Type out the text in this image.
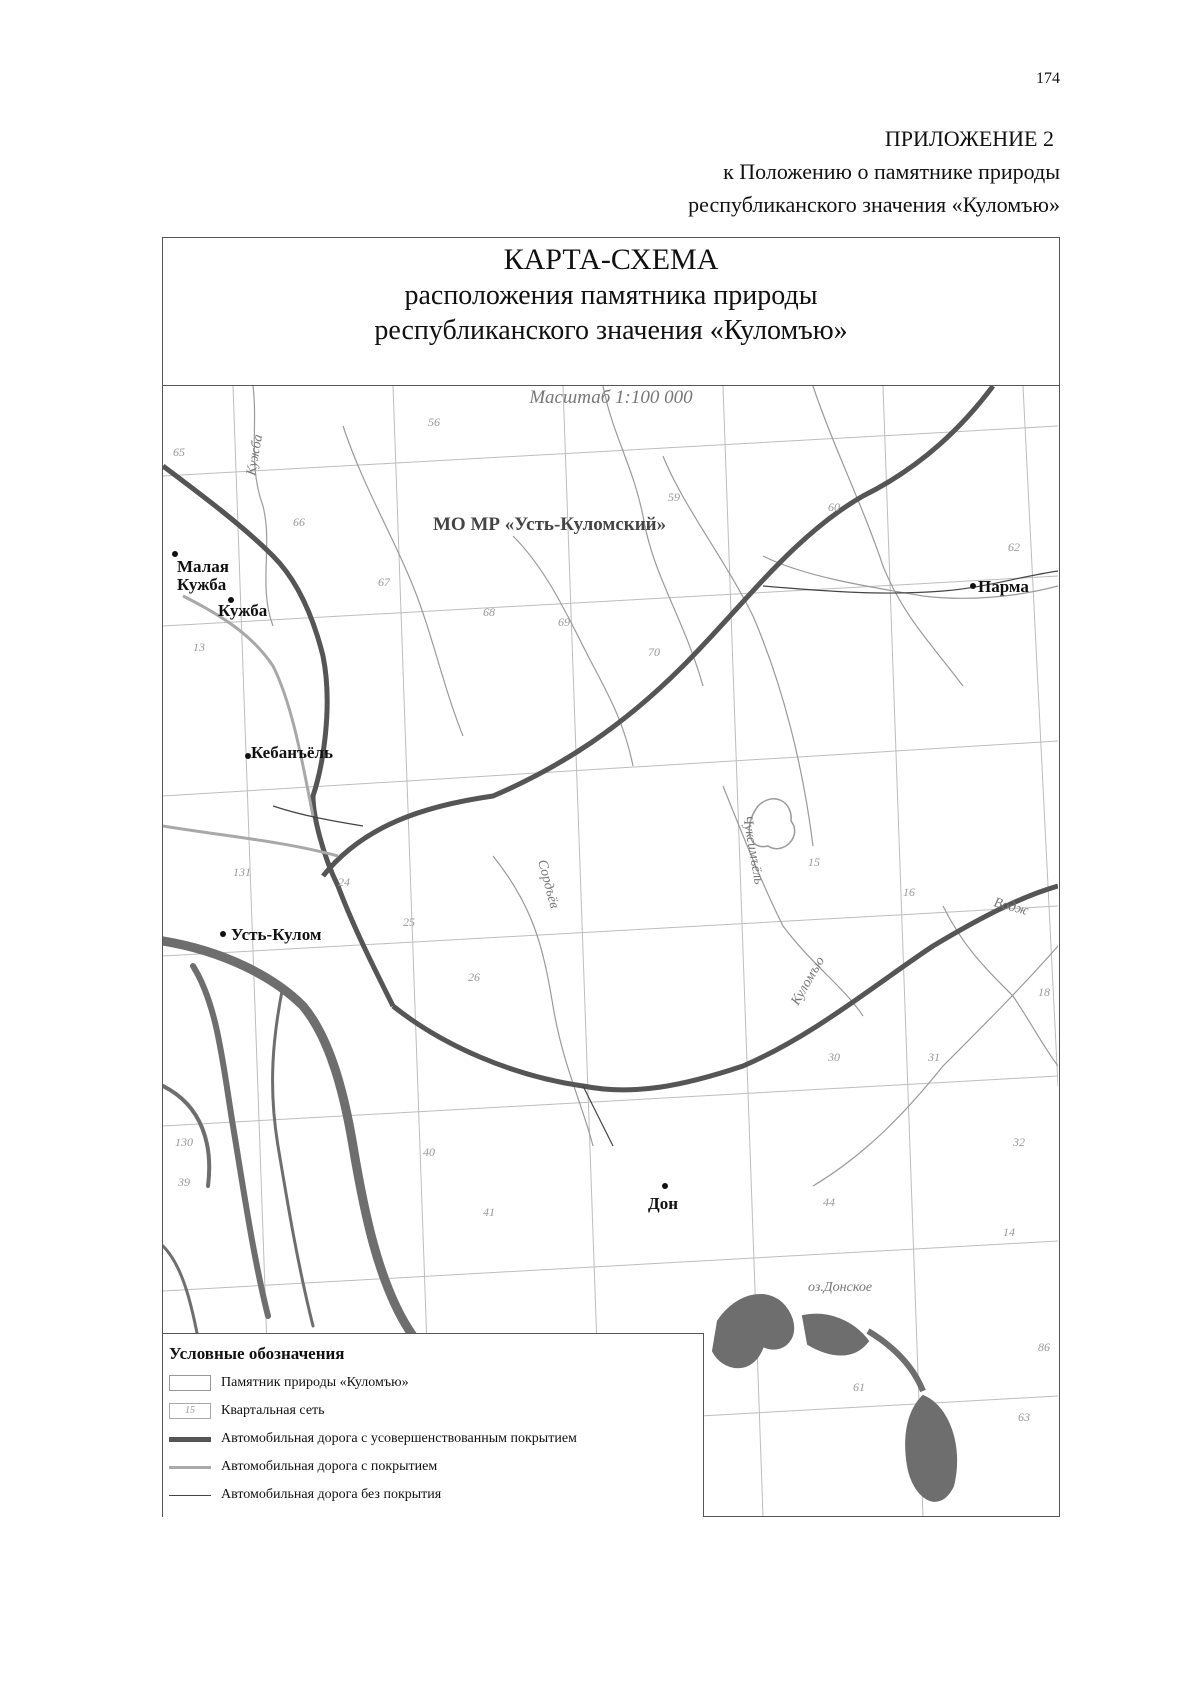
174
ПРИЛОЖЕНИЕ 2
к Положению о памятнике природы
республиканского значения «Куломъю»
КАРТА-СХЕМА
расположения памятника природы
республиканского значения «Куломъю»
Малая
Кужба
Кужба
Кебанъёль
Усть-Кулом
Парма
Дон
МО МР «Усть-Куломский»
Кужба
Сордъёв	Чуксимъёль
Куломъю
Водж
оз.Донское
56
65
66
67
68
69
70
59
60
62
13
24
25
26
131
130
39
40
41
15
16
18
30	31
32
44
61
63
86
14
Масштаб 1:100 000
Условные обозначения
Памятник природы «Куломъю»
15	Квартальная сеть
Автомобильная дорога с усовершенствованным покрытием
Автомобильная дорога с покрытием
Автомобильная дорога без покрытия
